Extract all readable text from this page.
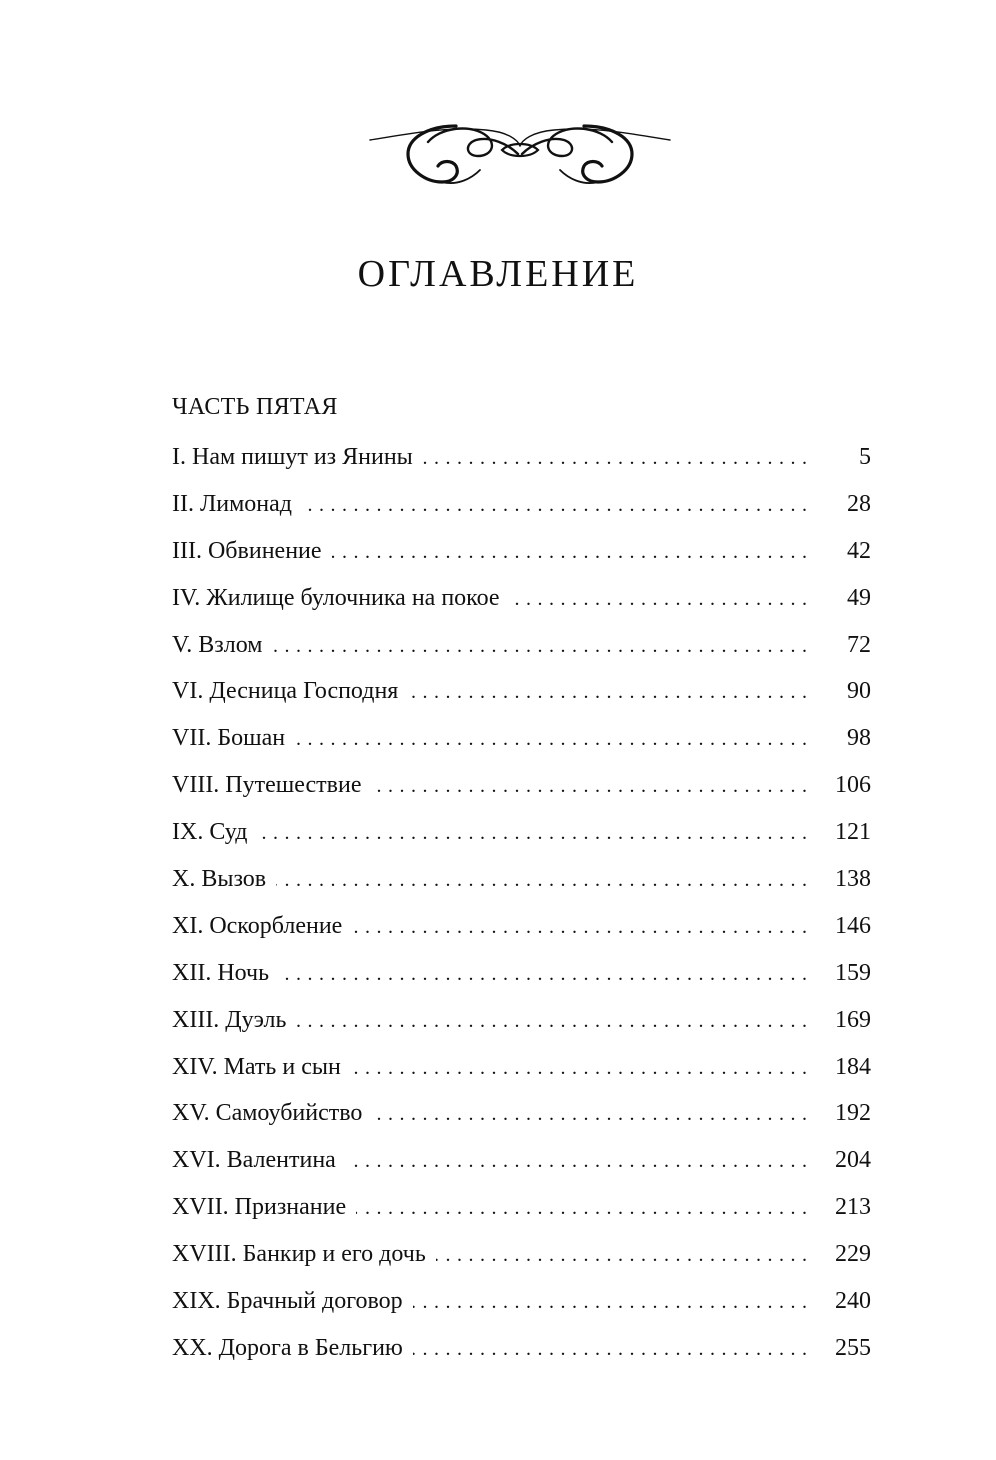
ОГЛАВЛЕНИЕ
ЧАСТЬ ПЯТАЯ
I. Нам пишут из Янины . . .	5
II. Лимонад . . .	28
III. Обвинение . . .	42
IV. Жилище булочника на покое . . .	49
V. Взлом . . .	72
VI. Десница Господня . . .	90
VII. Бошан . . .	98
VIII. Путешествие . . .	106
IX. Суд . . .	121
X. Вызов . . .	138
XI. Оскорбление . . .	146
XII. Ночь . . .	159
XIII. Дуэль . . .	169
XIV. Мать и сын . . .	184
XV. Самоубийство . . .	192
XVI. Валентина . . .	204
XVII. Признание . . .	213
XVIII. Банкир и его дочь . . .	229
XIX. Брачный договор . . .	240
XX. Дорога в Бельгию . . .	255
